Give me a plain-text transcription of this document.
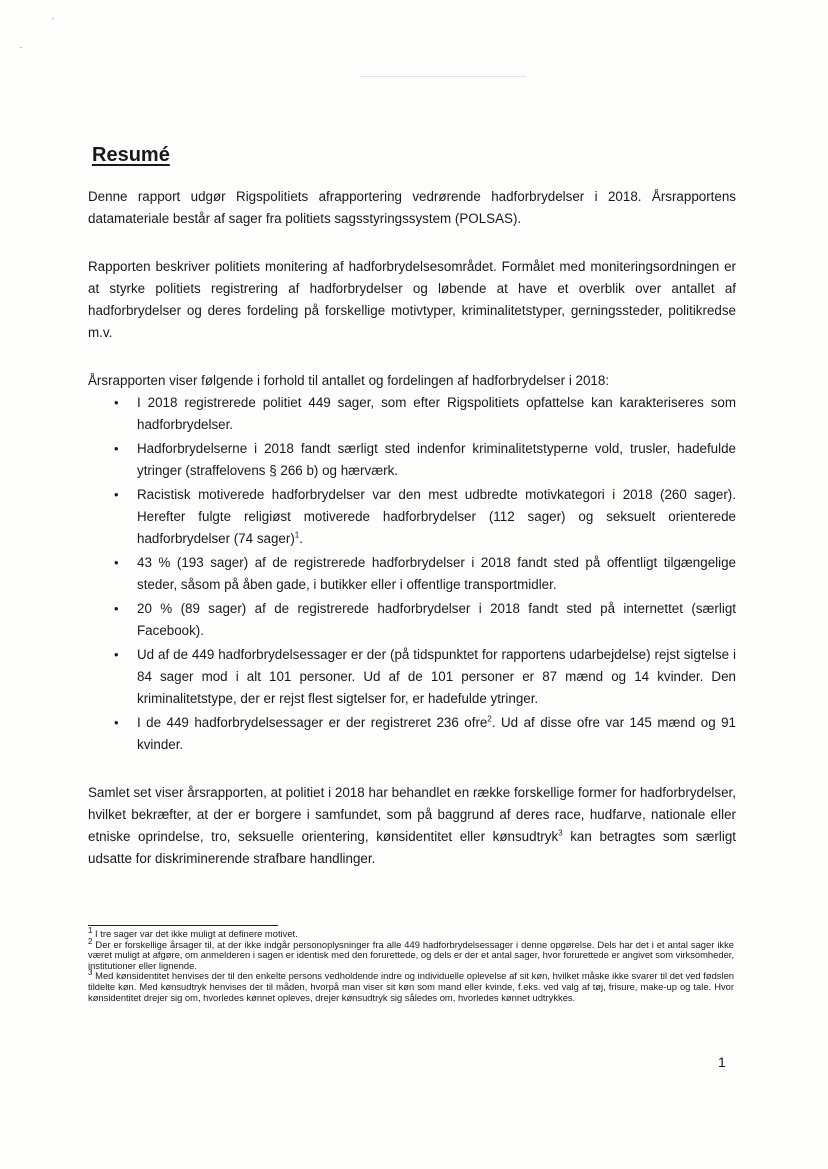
Resumé

Denne rapport udgør Rigspolitiets afrapportering vedrørende hadforbrydelser i 2018. Årsrapportens datamateriale består af sager fra politiets sagsstyringssystem (POLSAS).

Rapporten beskriver politiets monitering af hadforbrydelsesområdet. Formålet med moniteringsordningen er at styrke politiets registrering af hadforbrydelser og løbende at have et overblik over antallet af hadforbrydelser og deres fordeling på forskellige motivtyper, kriminalitetstyper, gerningssteder, politikredse m.v.

Årsrapporten viser følgende i forhold til antallet og fordelingen af hadforbrydelser i 2018:

• I 2018 registrerede politiet 449 sager, som efter Rigspolitiets opfattelse kan karakteriseres som hadforbrydelser.
• Hadforbrydelserne i 2018 fandt særligt sted indenfor kriminalitetstyperne vold, trusler, hadefulde ytringer (straffelovens § 266 b) og hærværk.
• Racistisk motiverede hadforbrydelser var den mest udbredte motivkategori i 2018 (260 sager). Herefter fulgte religiøst motiverede hadforbrydelser (112 sager) og seksuelt orienterede hadforbrydelser (74 sager)$^1$.
• 43 % (193 sager) af de registrerede hadforbrydelser i 2018 fandt sted på offentligt tilgængelige steder, såsom på åben gade, i butikker eller i offentlige transportmidler.
• 20 % (89 sager) af de registrerede hadforbrydelser i 2018 fandt sted på internettet (særligt Facebook).
• Ud af de 449 hadforbrydelsessager er der (på tidspunktet for rapportens udarbejdelse) rejst sigtelse i 84 sager mod i alt 101 personer. Ud af de 101 personer er 87 mænd og 14 kvinder. Den kriminalitetstype, der er rejst flest sigtelser for, er hadefulde ytringer.
• I de 449 hadforbrydelsessager er der registreret 236 ofre$^2$. Ud af disse ofre var 145 mænd og 91 kvinder.

Samlet set viser årsrapporten, at politiet i 2018 har behandlet en række forskellige former for hadforbrydelser, hvilket bekræfter, at der er borgere i samfundet, som på baggrund af deres race, hudfarve, nationale eller etniske oprindelse, tro, seksuelle orientering, kønsidentitet eller kønsudtryk$^3$ kan betragtes som særligt udsatte for diskriminerende strafbare handlinger.

$^1$ I tre sager var det ikke muligt at definere motivet.

$^2$ Der er forskellige årsager til, at der ikke indgår personoplysninger fra alle 449 hadforbrydelsessager i denne opgørelse. Dels har det i et antal sager ikke været muligt at afgøre, om anmelderen i sagen er identisk med den forurettede, og dels er der et antal sager, hvor forurettede er angivet som virksomheder, institutioner eller lignende.

$^3$ Med kønsidentitet henvises der til den enkelte persons vedholdende indre og individuelle oplevelse af sit køn, hvilket måske ikke svarer til det ved fødslen tildelte køn. Med kønsudtryk henvises der til måden, hvorpå man viser sit køn som mand eller kvinde, f.eks. ved valg af tøj, frisure, make-up og tale. Hvor kønsidentitet drejer sig om, hvorledes kønnet opleves, drejer kønsudtryk sig således om, hvorledes kønnet udtrykkes.

1
